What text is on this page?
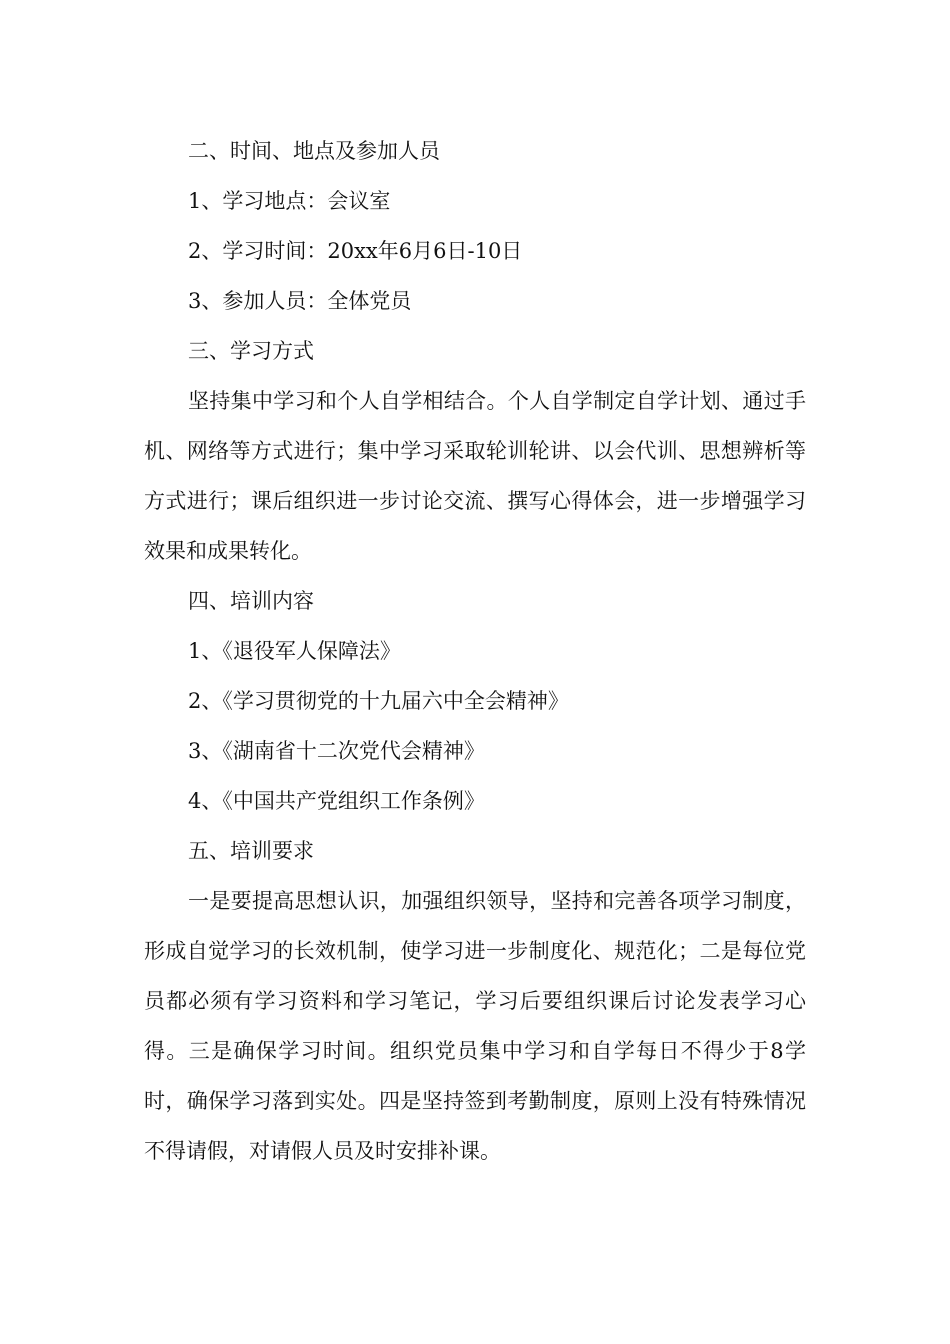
二、时间、地点及参加人员

1、学习地点：会议室

2、学习时间：20xx年6月6日-10日

3、参加人员：全体党员

三、学习方式

坚持集中学习和个人自学相结合。个人自学制定自学计划、通过手机、网络等方式进行；集中学习采取轮训轮讲、以会代训、思想辨析等方式进行；课后组织进一步讨论交流、撰写心得体会，进一步增强学习效果和成果转化。

四、培训内容

1、《退役军人保障法》

2、《学习贯彻党的十九届六中全会精神》

3、《湖南省十二次党代会精神》

4、《中国共产党组织工作条例》

五、培训要求

一是要提高思想认识，加强组织领导，坚持和完善各项学习制度，形成自觉学习的长效机制，使学习进一步制度化、规范化；二是每位党员都必须有学习资料和学习笔记，学习后要组织课后讨论发表学习心得。三是确保学习时间。组织党员集中学习和自学每日不得少于8学时，确保学习落到实处。四是坚持签到考勤制度，原则上没有特殊情况不得请假，对请假人员及时安排补课。
